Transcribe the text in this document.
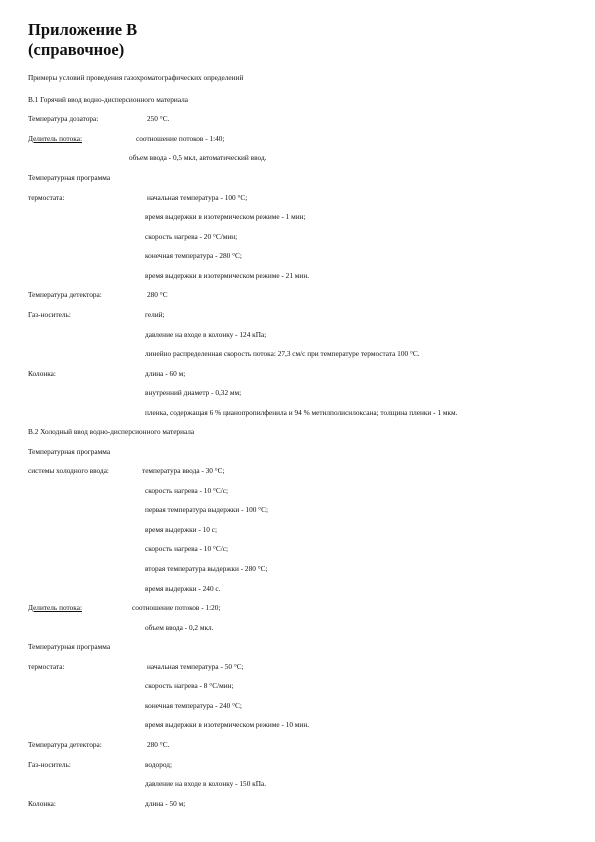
Приложение В
(справочное)
Примеры условий проведения газохроматографических определений
В.1 Горячий ввод водно-дисперсионного материала
Температура дозатора:	250 °С.
Делитель потока:	соотношение потоков - 1:40;
объем ввода - 0,5 мкл, автоматический ввод.
Температурная программа
термостата:	начальная температура - 100 °С;
время выдержки в изотермическом режиме - 1 мин;
скорость нагрева - 20 °С/мин;
конечная температура - 280 °С;
время выдержки в изотермическом режиме - 21 мин.
Температура детектора:	280 °С
Газ-носитель:	гелий;
давление на входе в колонку - 124 кПа;
линейно распределенная скорость потока: 27,3 см/с при температуре термостата 100 °С.
Колонка:	длина - 60 м;
внутренний диаметр - 0,32 мм;
пленка, содержащая 6 % цианопропилфенила и 94 % метилполисилоксана; толщина пленки - 1 мкм.
В.2 Холодный ввод водно-дисперсионного материала
Температурная программа
системы холодного ввода:	температура ввода - 30 °С;
скорость нагрева - 10 °С/с;
первая температура выдержки - 100 °С;
время выдержки - 10 с;
скорость нагрева - 10 °С/с;
вторая температура выдержки - 280 °С;
время выдержки - 240 с.
Делитель потока:	соотношение потоков - 1:20;
объем ввода - 0,2 мкл.
Температурная программа
термостата:	начальная температура - 50 °С;
скорость нагрева - 8 °С/мин;
конечная температура - 240 °С;
время выдержки в изотермическом режиме - 10 мин.
Температура детектора:	280 °С.
Газ-носитель:	водород;
давление на входе в колонку - 150 кПа.
Колонка:	длина - 50 м;
